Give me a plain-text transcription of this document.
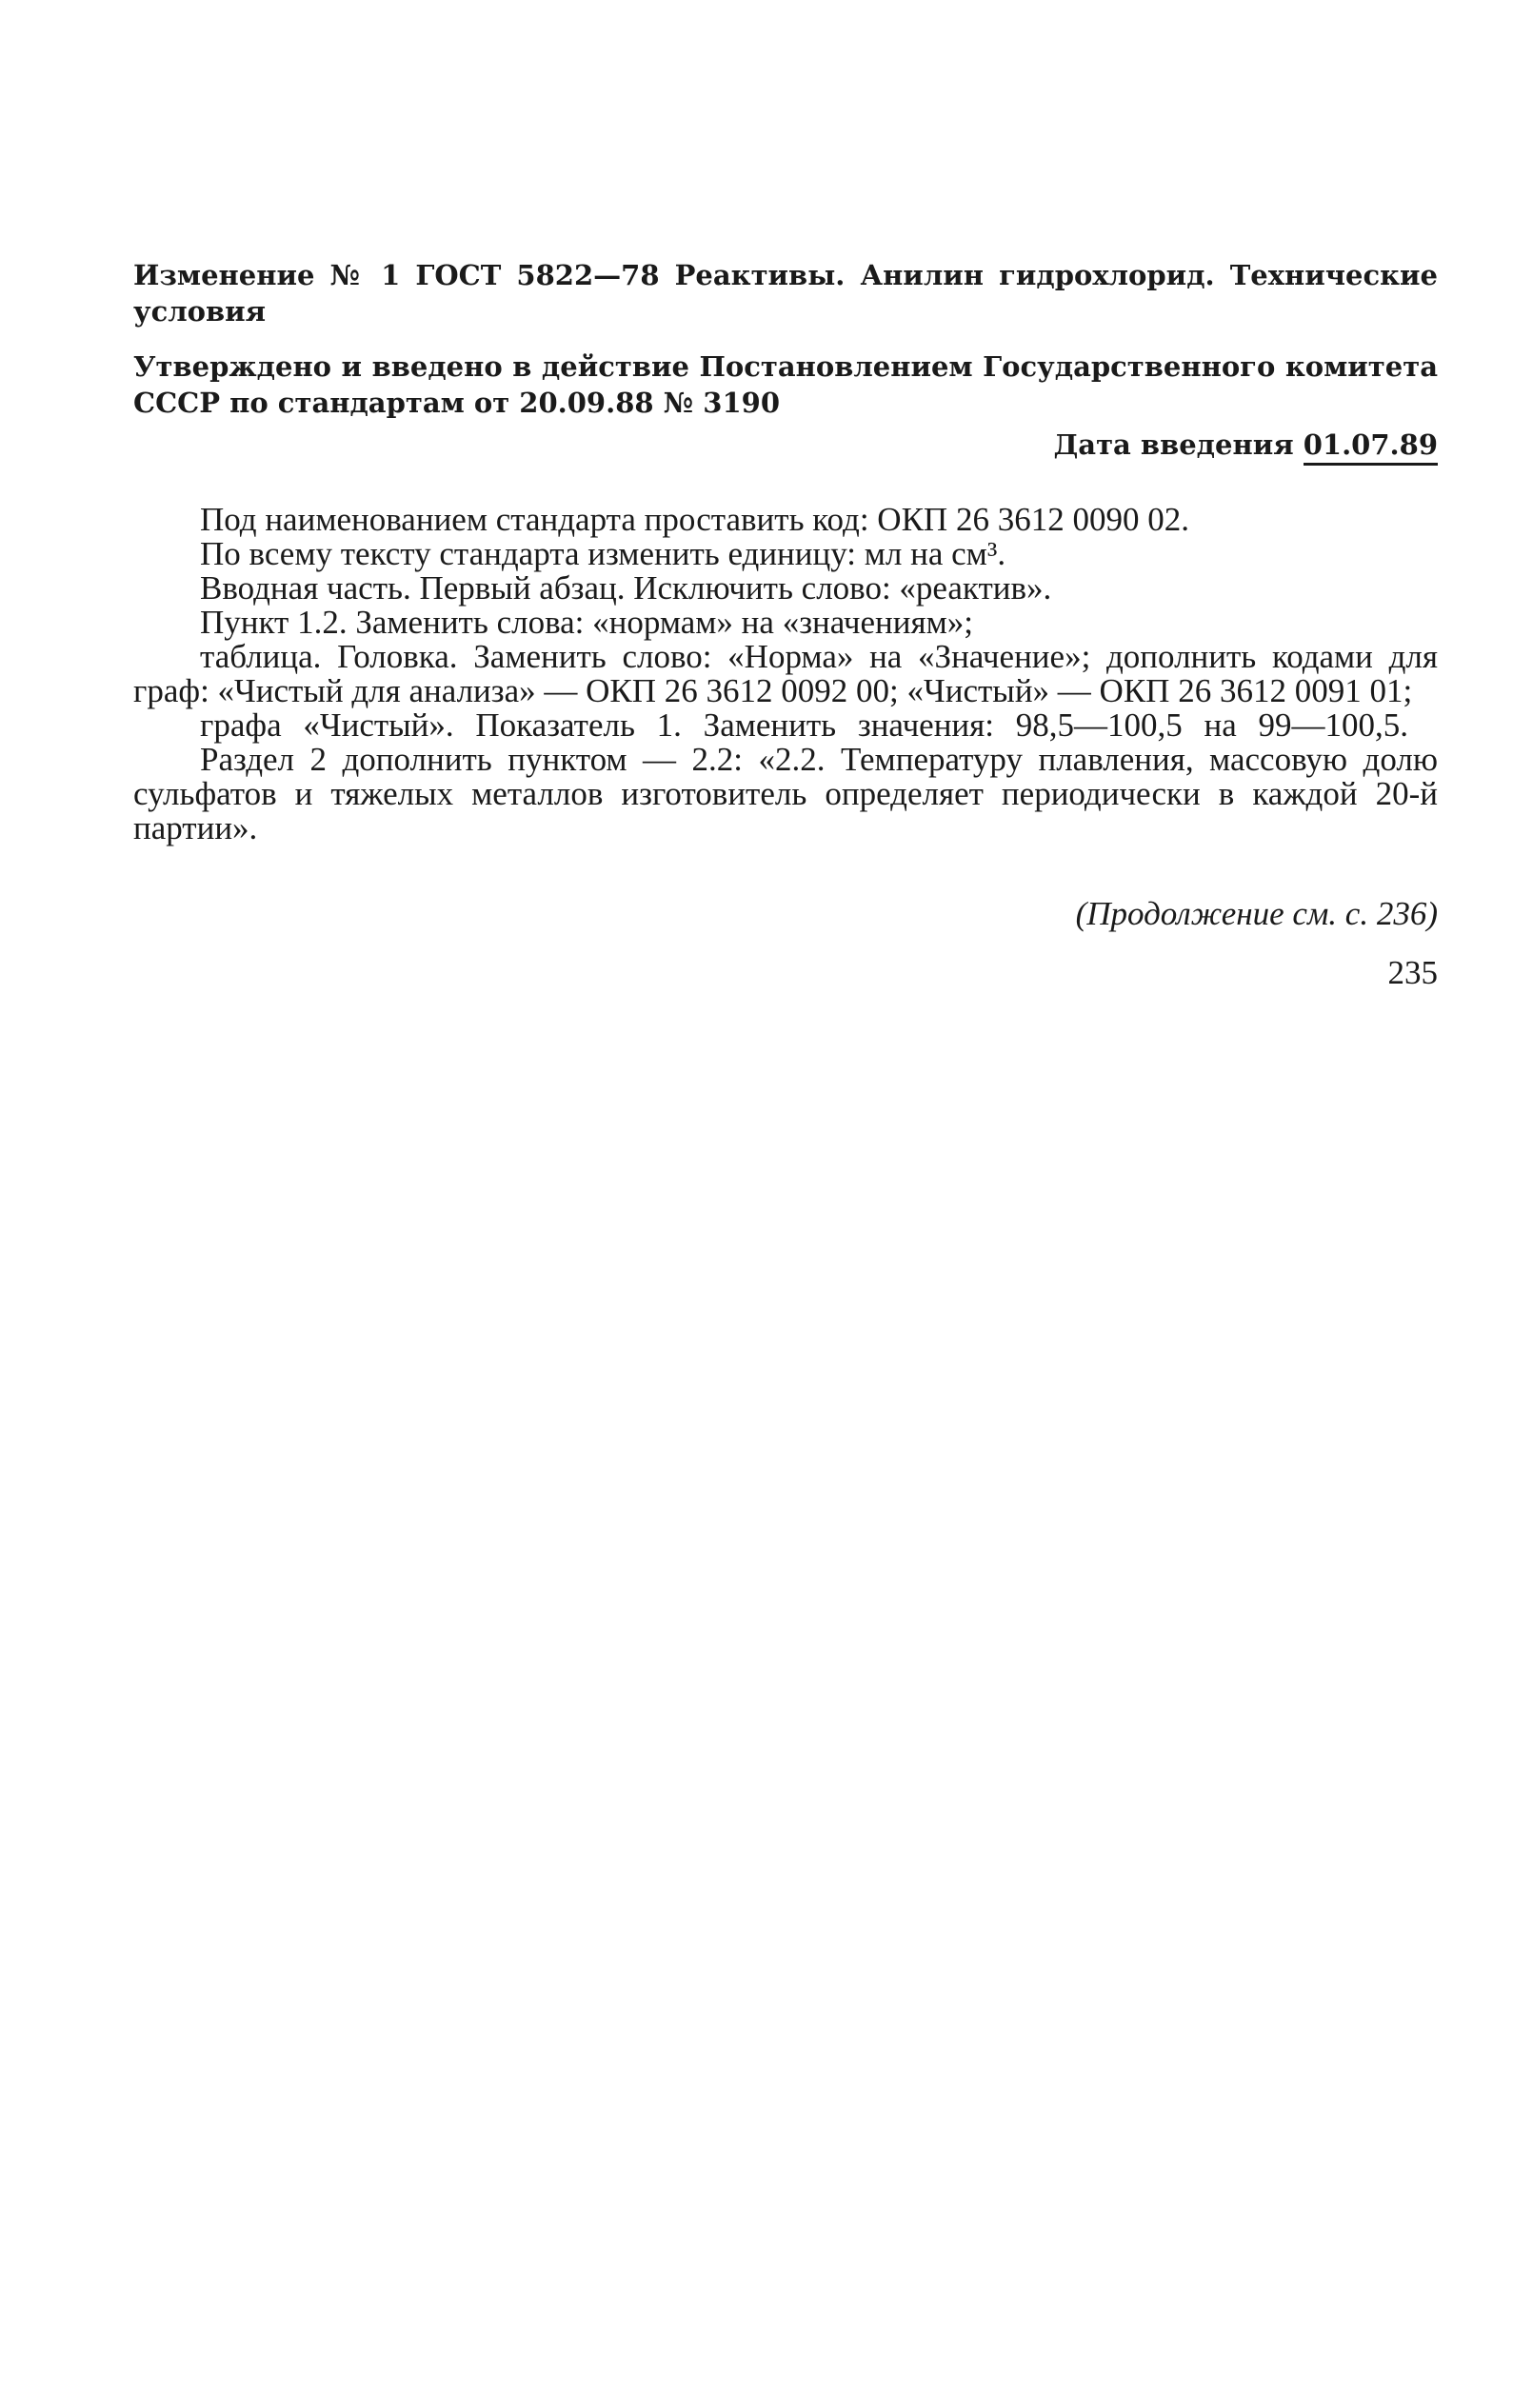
Изменение № 1 ГОСТ 5822—78 Реактивы. Анилин гидрохлорид. Технические условия

Утверждено и введено в действие Постановлением Государственного комитета СССР по стандартам от 20.09.88 № 3190

Дата введения 01.07.89

Под наименованием стандарта проставить код: ОКП 26 3612 0090 02.

По всему тексту стандарта изменить единицу: мл на см³.

Вводная часть. Первый абзац. Исключить слово: «реактив».

Пункт 1.2. Заменить слова: «нормам» на «значениям»;

таблица. Головка. Заменить слово: «Норма» на «Значение»; дополнить кодами для граф: «Чистый для анализа» — ОКП 26 3612 0092 00; «Чистый» — ОКП 26 3612 0091 01;

графа «Чистый». Показатель 1. Заменить значения: 98,5—100,5 на 99—100,5.

Раздел 2 дополнить пунктом — 2.2: «2.2. Температуру плавления, массовую долю сульфатов и тяжелых металлов изготовитель определяет периодически в каждой 20-й партии».

(Продолжение см. с. 236)
235
